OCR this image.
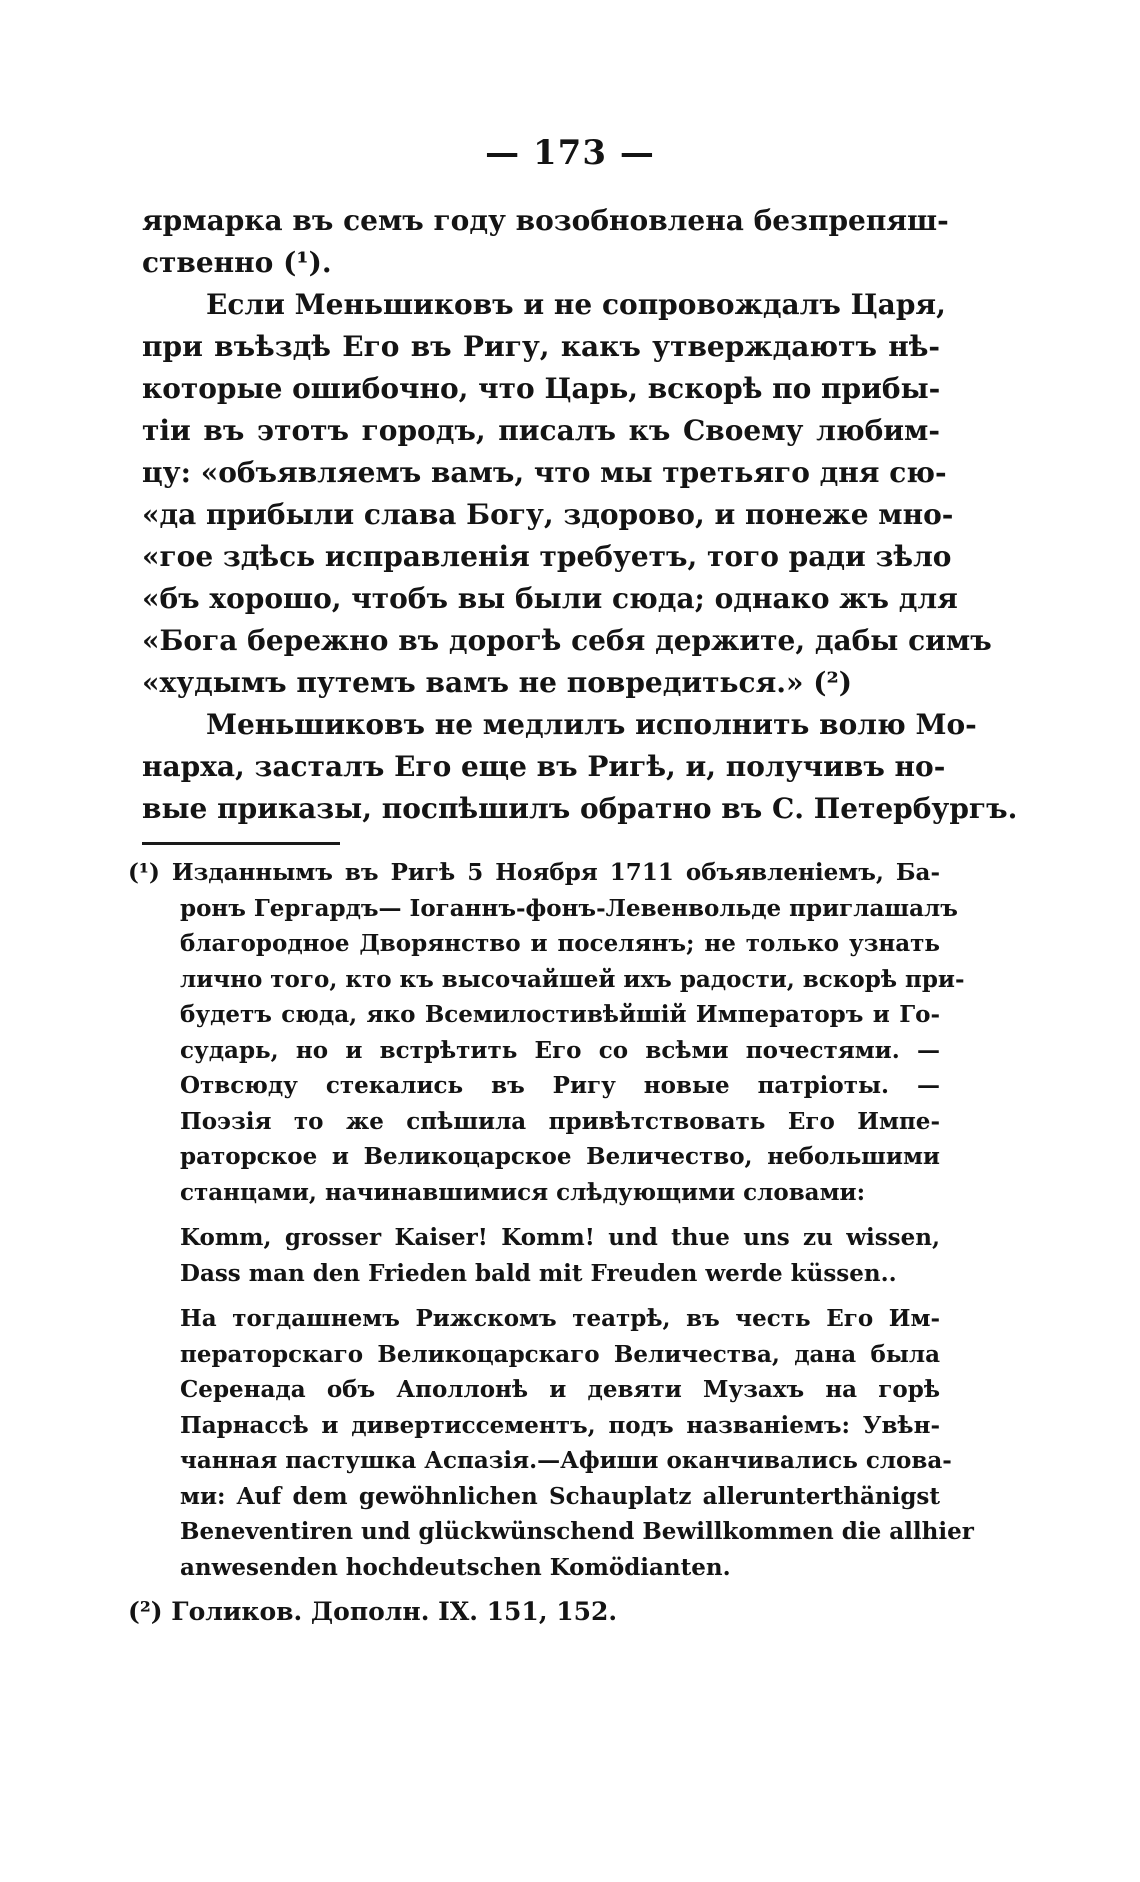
— 173 —
ярмарка въ семъ году возобновлена безпрепяш-
ственно (¹).
Если Меньшиковъ и не сопровождалъ Царя,
при въѣздѣ Его въ Ригу, какъ утверждаютъ нѣ-
которые ошибочно, что Царь, вскорѣ по прибы-
тіи въ этотъ городъ, писалъ къ Своему любим-
цу: «объявляемъ вамъ, что мы третьяго дня сю-
«да прибыли слава Богу, здорово, и понеже мно-
«гое здѣсь исправленія требуетъ, того ради зѣло
«бъ хорошо, чтобъ вы были сюда; однако жъ для
«Бога бережно въ дорогѣ себя держите, дабы симъ
«худымъ путемъ вамъ не повредиться.» (²)
Меньшиковъ не медлилъ исполнить волю Мо-
нарха, засталъ Его еще въ Ригѣ, и, получивъ но-
вые приказы, поспѣшилъ обратно въ С. Петербургъ.
(¹) Изданнымъ въ Ригѣ 5 Ноября 1711 объявленіемъ, Ба-
ронъ Гергардъ— Іоганнъ-фонъ-Левенвольде приглашалъ
благородное Дворянство и поселянъ; не только узнать
лично того, кто къ высочайшей ихъ радости, вскорѣ при-
будетъ сюда, яко Всемилостивѣйшій Императоръ и Го-
сударь, но и встрѣтить Его со всѣми почестями. —
Отвсюду стекались въ Ригу новые патріоты. —
Поэзія то же спѣшила привѣтствовать Его Импе-
раторское и Великоцарское Величество, небольшими
станцами, начинавшимися слѣдующими словами:
Komm, grosser Kaiser! Komm! und thue uns zu wissen,
Dass man den Frieden bald mit Freuden werde küssen..
На тогдашнемъ Рижскомъ театрѣ, въ честь Его Им-
ператорскаго Великоцарскаго Величества, дана была
Серенада объ Аполлонѣ и девяти Музахъ на горѣ
Парнассѣ и дивертиссементъ, подъ названіемъ: Увѣн-
чанная пастушка Аспазія.—Афиши оканчивались слова-
ми: Auf dem gewöhnlichen Schauplatz allerunterthänigst
Beneventiren und glückwünschend Bewillkommen die allhier
anwesenden hochdeutschen Komödianten.
(²) Голиков. Дополн. IX. 151, 152.
